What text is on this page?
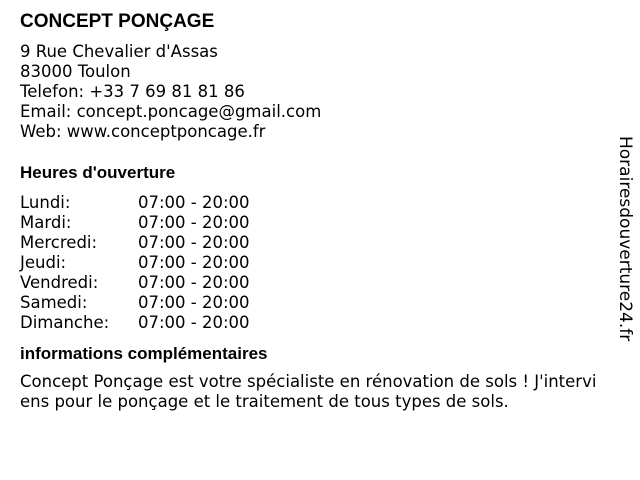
CONCEPT PONÇAGE
9 Rue Chevalier d'Assas
83000 Toulon
Telefon: +33 7 69 81 81 86
Email: concept.poncage@gmail.com
Web: www.conceptponcage.fr
Heures d'ouverture
Lundi:	07:00 - 20:00
Mardi:	07:00 - 20:00
Mercredi: 07:00 - 20:00
Jeudi:	07:00 - 20:00
Vendredi: 07:00 - 20:00
Samedi:	07:00 - 20:00
Dimanche: 07:00 - 20:00
informations complémentaires
Concept Ponçage est votre spécialiste en rénovation de sols ! J'interviens pour le ponçage et le traitement de tous types de sols.
Horairesdouverture24.fr
